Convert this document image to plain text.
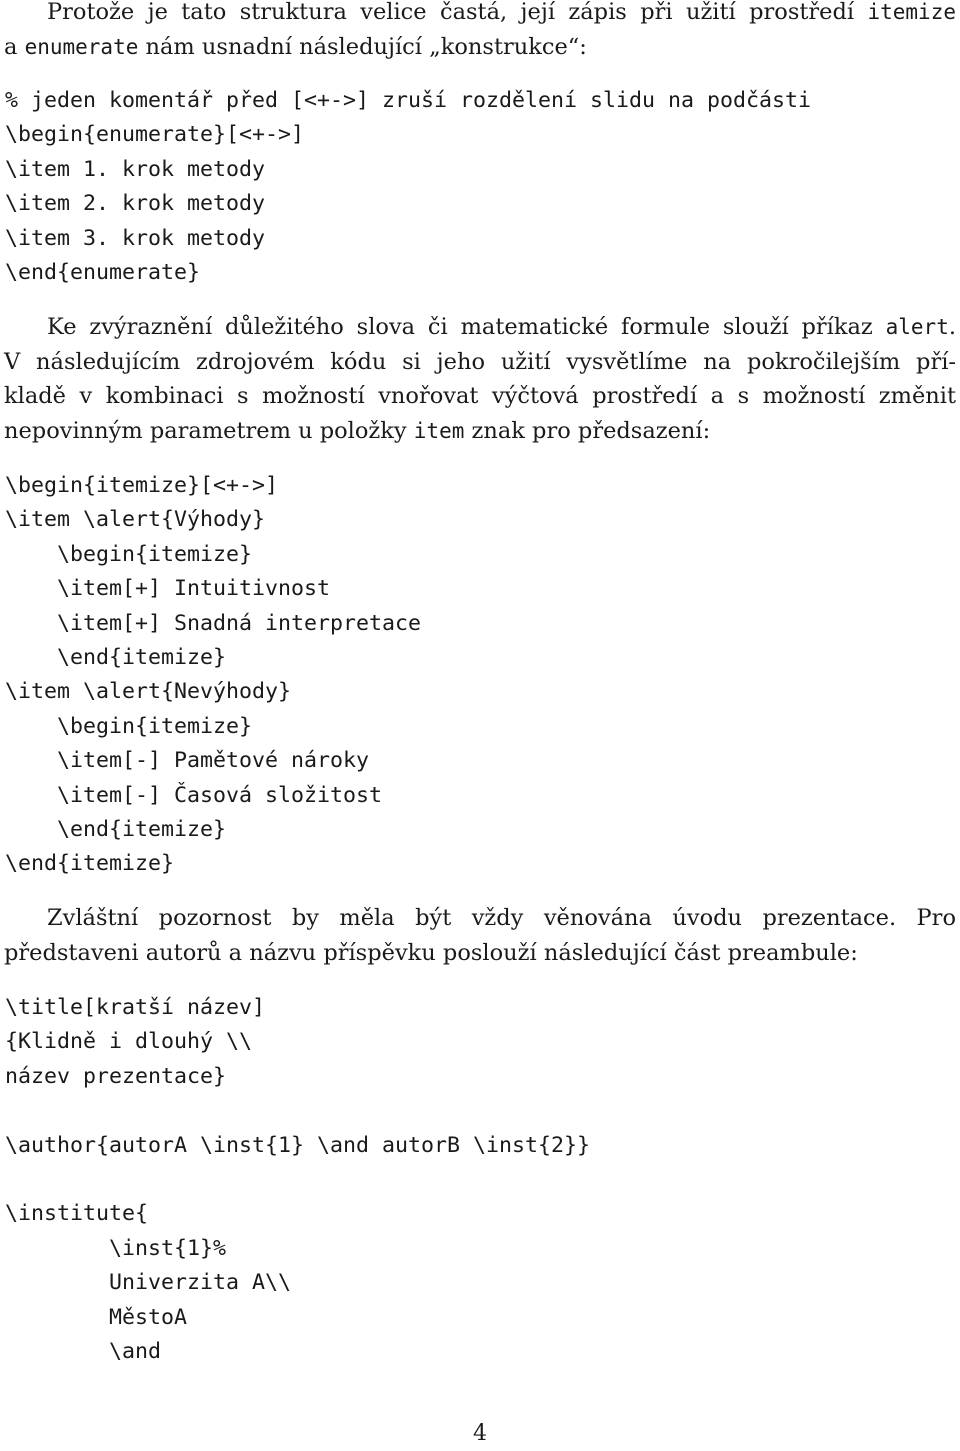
Protože je tato struktura velice častá, její zápis při užití prostředí itemize
a enumerate nám usnadní následující „konstrukce“:
% jeden komentář před [<+->] zruší rozdělení slidu na podčásti
\begin{enumerate}[<+->]
\item 1. krok metody
\item 2. krok metody
\item 3. krok metody
\end{enumerate}
Ke zvýraznění důležitého slova či matematické formule slouží příkaz alert.
V následujícím zdrojovém kódu si jeho užití vysvětlíme na pokročilejším pří-
kladě v kombinaci s možností vnořovat výčtová prostředí a s možností změnit
nepovinným parametrem u položky item znak pro předsazení:
\begin{itemize}[<+->]
\item \alert{Výhody}
\begin{itemize}
\item[+] Intuitivnost
\item[+] Snadná interpretace
\end{itemize}
\item \alert{Nevýhody}
\begin{itemize}
\item[-] Pamětové nároky
\item[-] Časová složitost
\end{itemize}
\end{itemize}
Zvláštní pozornost by měla být vždy věnována úvodu prezentace. Pro
představeni autorů a názvu příspěvku poslouží následující část preambule:
\title[kratší název]
{Klidně i dlouhý \\
název prezentace}
\author{autorA \inst{1} \and autorB \inst{2}}
\institute{
\inst{1}%
Univerzita A\\
MěstoA
\and
4
